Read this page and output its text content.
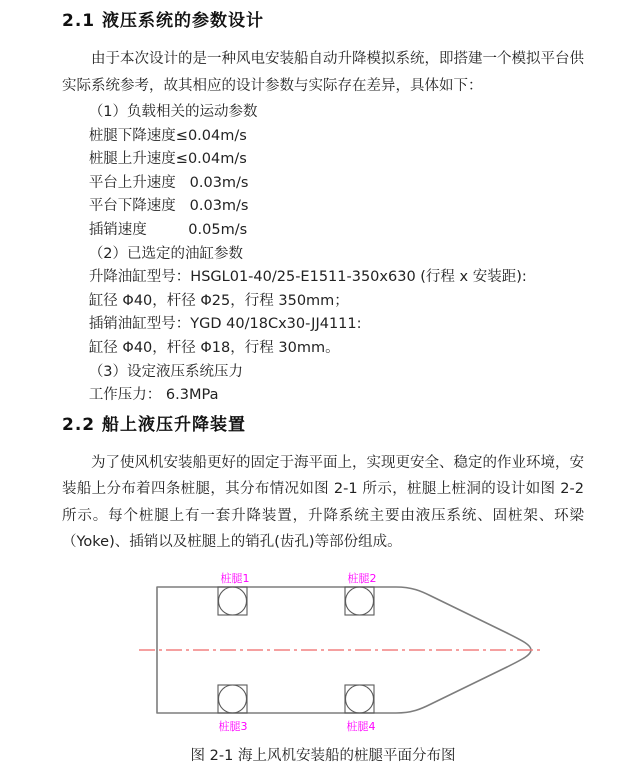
2.1 液压系统的参数设计
由于本次设计的是一种风电安装船自动升降模拟系统，即搭建一个模拟平台供实际系统参考，故其相应的设计参数与实际存在差异，具体如下：
（1）负载相关的运动参数
桩腿下降速度≤0.04m/s
桩腿上升速度≤0.04m/s
平台上升速度   0.03m/s
平台下降速度   0.03m/s
插销速度         0.05m/s
（2）已选定的油缸参数
升降油缸型号：HSGL01-40/25-E1511-350x630 (行程 x 安装距):
缸径 Φ40，杆径 Φ25，行程 350mm；
插销油缸型号：YGD 40/18Cx30-JJ4111:
缸径 Φ40，杆径 Φ18，行程 30mm。
（3）设定液压系统压力
工作压力： 6.3MPa
2.2 船上液压升降装置
为了使风机安装船更好的固定于海平面上，实现更安全、稳定的作业环境，安装船上分布着四条桩腿，其分布情况如图 2-1 所示，桩腿上桩洞的设计如图 2-2 所示。每个桩腿上有一套升降装置，升降系统主要由液压系统、固桩架、环梁（Yoke)、插销以及桩腿上的销孔(齿孔)等部份组成。
桩腿1	桩腿2
桩腿3	桩腿4
图 2-1 海上风机安装船的桩腿平面分布图
